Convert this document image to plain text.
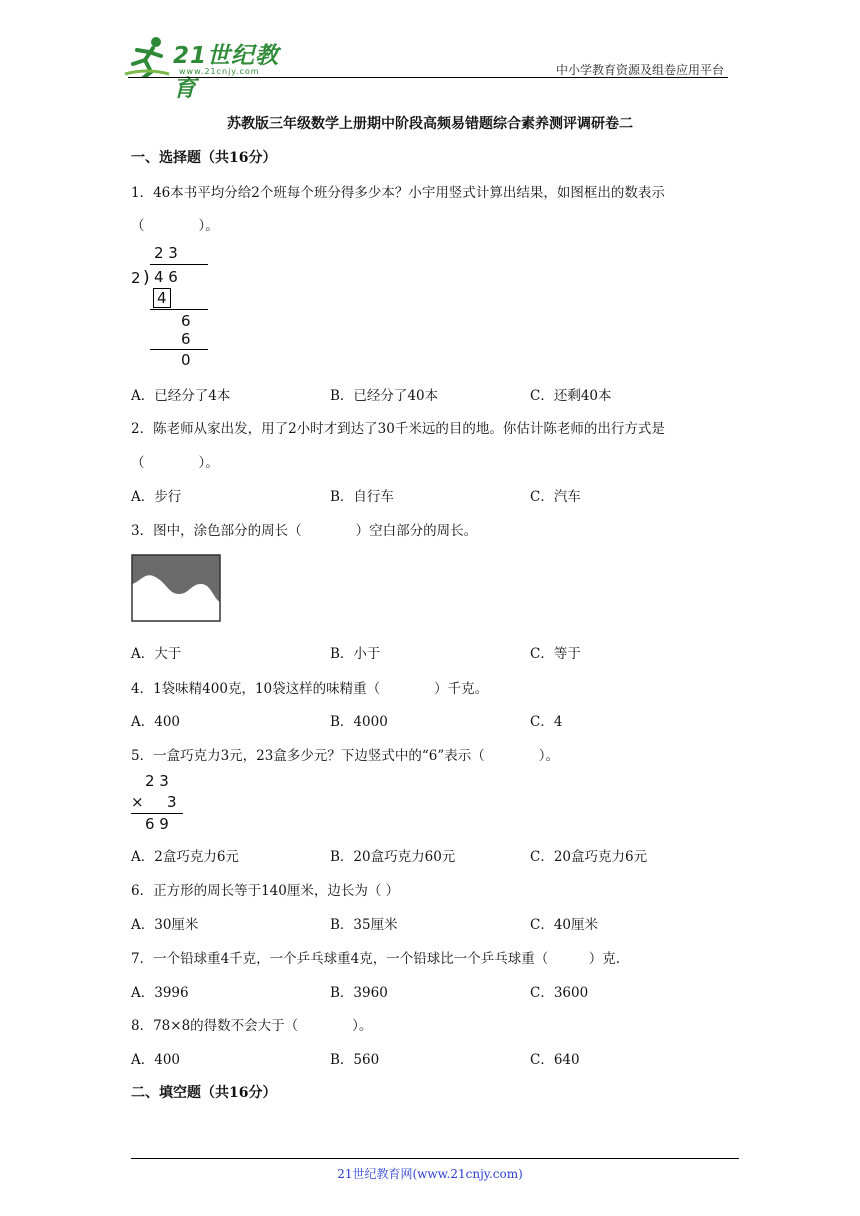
21世纪教育
www.21cnjy.com	中小学教育资源及组卷应用平台
苏教版三年级数学上册期中阶段高频易错题综合素养测评调研卷二
一、选择题（共16分）
1．46本书平均分给2个班每个班分得多少本？小宇用竖式计算出结果，如图框出的数表示
（　　　　）。
2 3
2 ) 4 6
4
6
6
0
A．已经分了4本	B．已经分了40本	C．还剩40本
2．陈老师从家出发，用了2小时才到达了30千米远的目的地。你估计陈老师的出行方式是
（　　　　）。
A．步行	B．自行车	C．汽车
3．图中，涂色部分的周长（　　　　）空白部分的周长。
A．大于	B．小于	C．等于
4．1袋味精400克，10袋这样的味精重（　　　　）千克。
A．400	B．4000	C．4
5．一盒巧克力3元，23盒多少元？下边竖式中的“6”表示（　　　　）。
2 3
× 3
6 9
A．2盒巧克力6元	B．20盒巧克力60元	C．20盒巧克力6元
6．正方形的周长等于140厘米，边长为（ ）
A．30厘米	B．35厘米	C．40厘米
7．一个铅球重4千克，一个乒乓球重4克，一个铅球比一个乒乓球重（　　　）克.
A．3996	B．3960	C．3600
8．78×8的得数不会大于（　　　　）。
A．400	B．560	C．640
二、填空题（共16分）
21世纪教育网(www.21cnjy.com)
